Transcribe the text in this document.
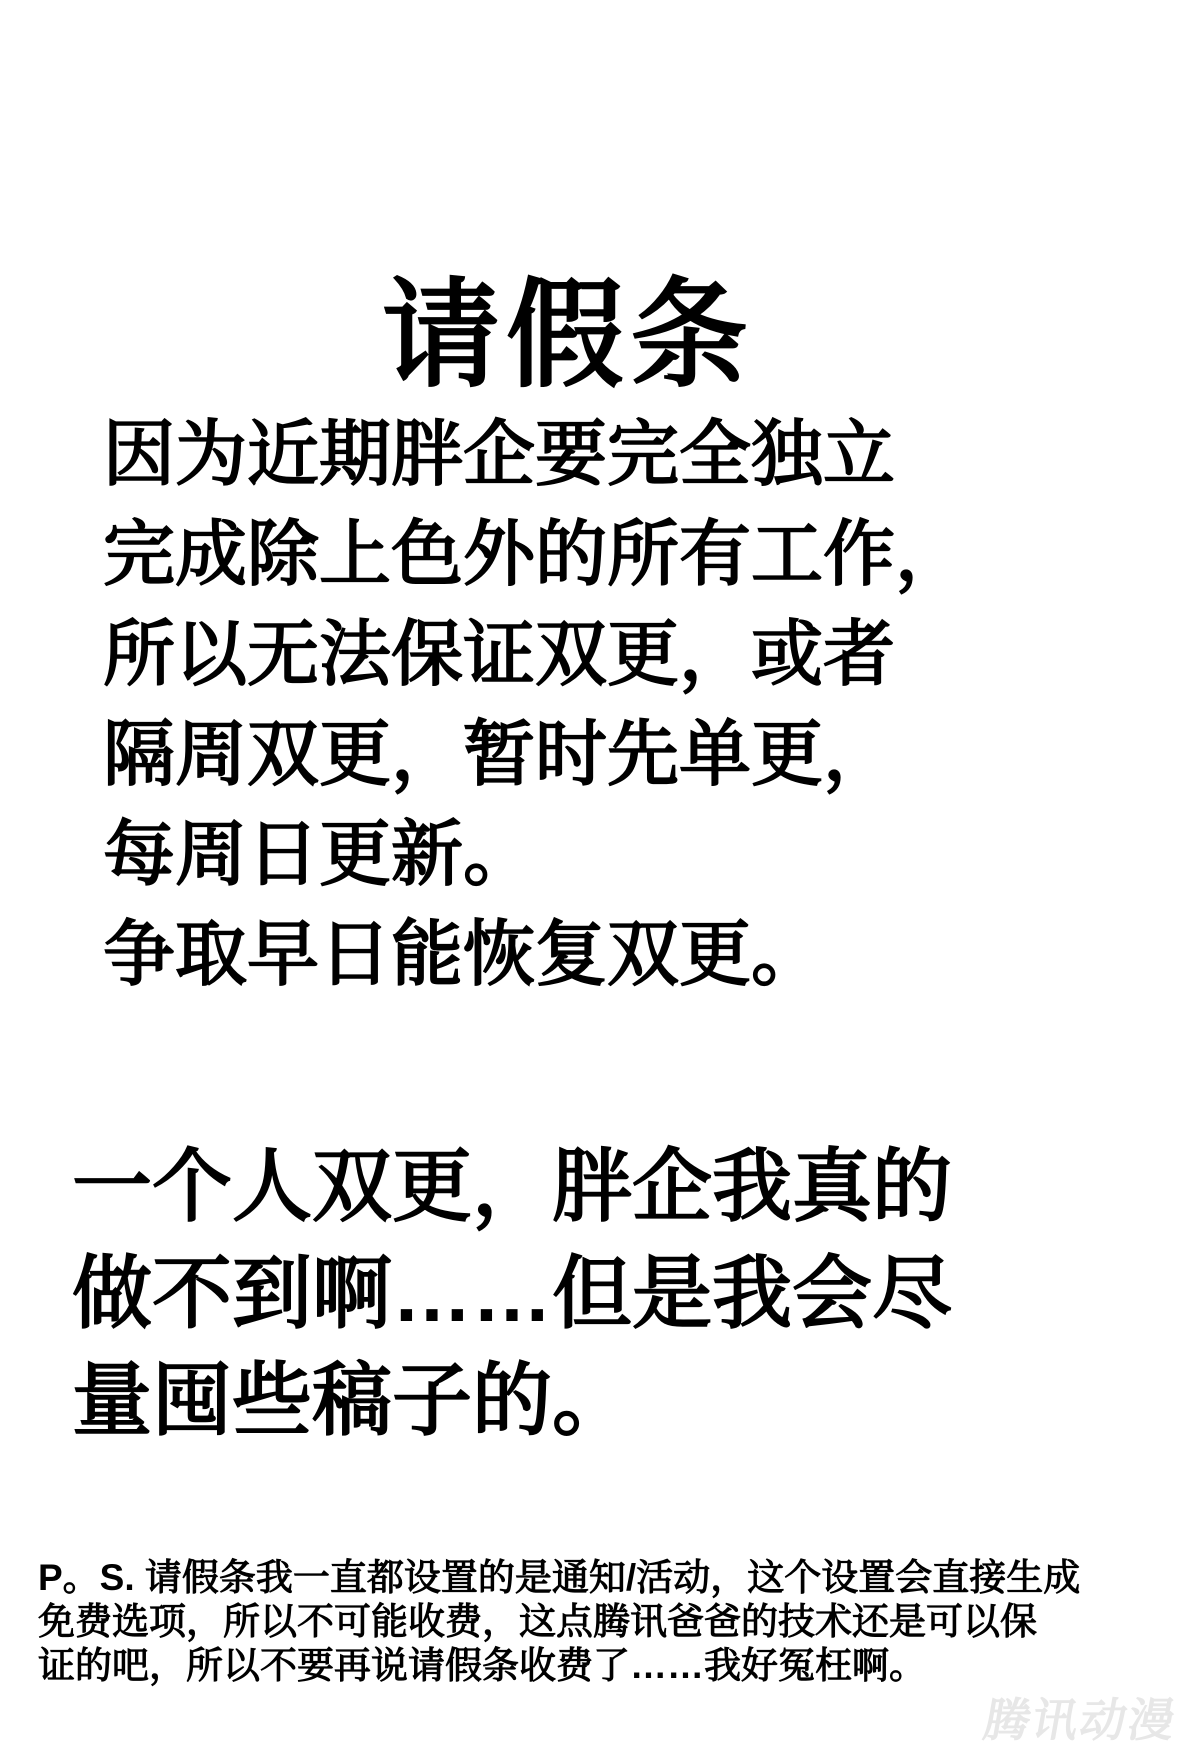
请假条
因为近期胖企要完全独立
完成除上色外的所有工作，
所以无法保证双更，或者
隔周双更，暂时先单更，
每周日更新。
争取早日能恢复双更。
一个人双更，胖企我真的
做不到啊……但是我会尽
量囤些稿子的。
P。S. 请假条我一直都设置的是通知/活动，这个设置会直接生成
免费选项，所以不可能收费，这点腾讯爸爸的技术还是可以保
证的吧，所以不要再说请假条收费了……我好冤枉啊。
腾讯动漫
